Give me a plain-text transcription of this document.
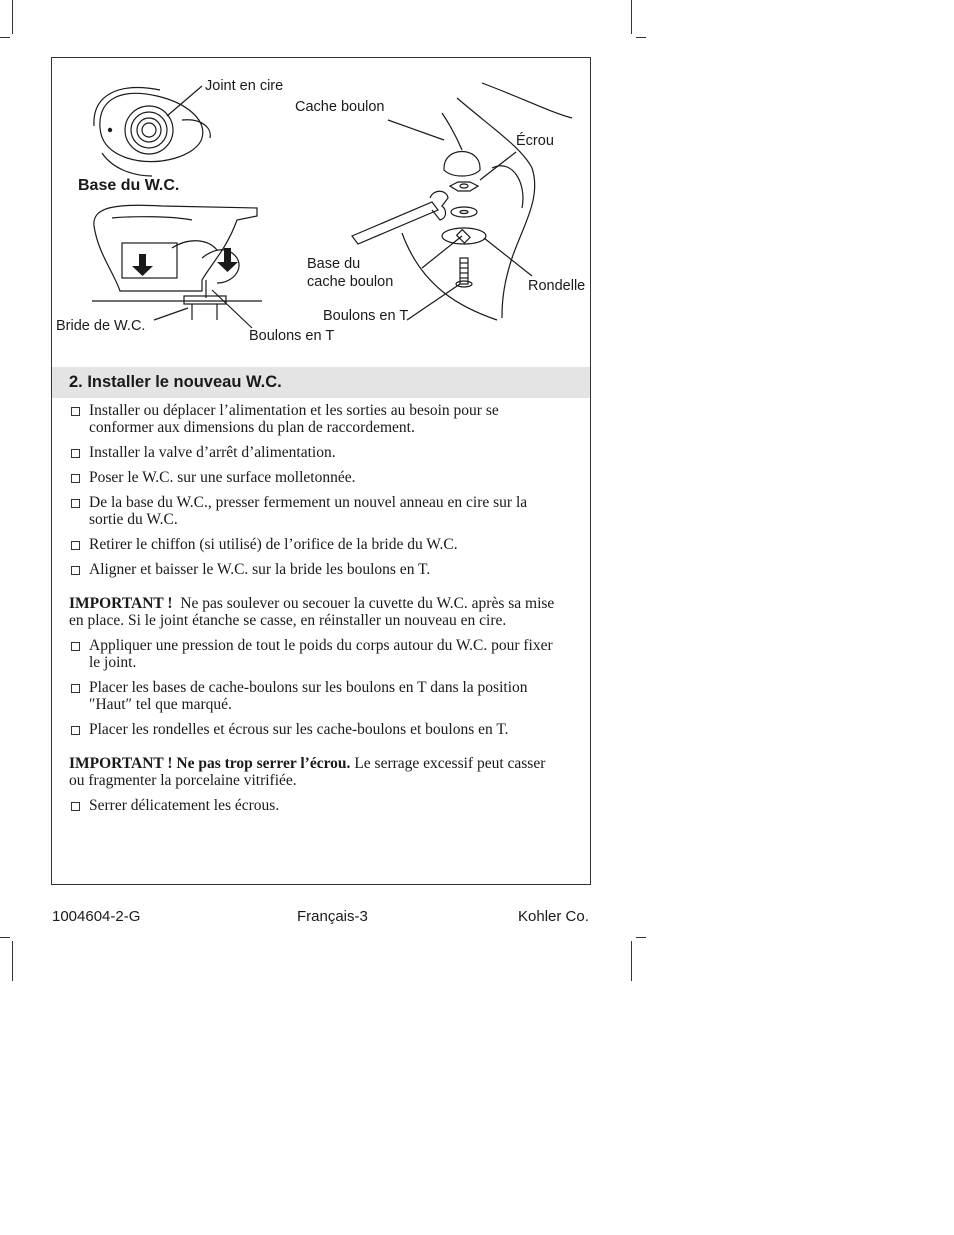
Joint en cire
Cache boulon
Écrou
Base du W.C.
Base du
cache boulon	Rondelle
Boulons en T
Bride de W.C.
Boulons en T
2. Installer le nouveau W.C.
Installer ou déplacer l’alimentation et les sorties au besoin pour se conformer aux dimensions du plan de raccordement.
Installer la valve d’arrêt d’alimentation.
Poser le W.C. sur une surface molletonnée.
De la base du W.C., presser fermement un nouvel anneau en cire sur la sortie du W.C.
Retirer le chiffon (si utilisé) de l’orifice de la bride du W.C.
Aligner et baisser le W.C. sur la bride les boulons en T.
IMPORTANT ! Ne pas soulever ou secouer la cuvette du W.C. après sa mise en place. Si le joint étanche se casse, en réinstaller un nouveau en cire.
Appliquer une pression de tout le poids du corps autour du W.C. pour fixer le joint.
Placer les bases de cache-boulons sur les boulons en T dans la position ″Haut″ tel que marqué.
Placer les rondelles et écrous sur les cache-boulons et boulons en T.
IMPORTANT ! Ne pas trop serrer l’écrou. Le serrage excessif peut casser ou fragmenter la porcelaine vitrifiée.
Serrer délicatement les écrous.
1004604-2-G	Français-3	Kohler Co.
